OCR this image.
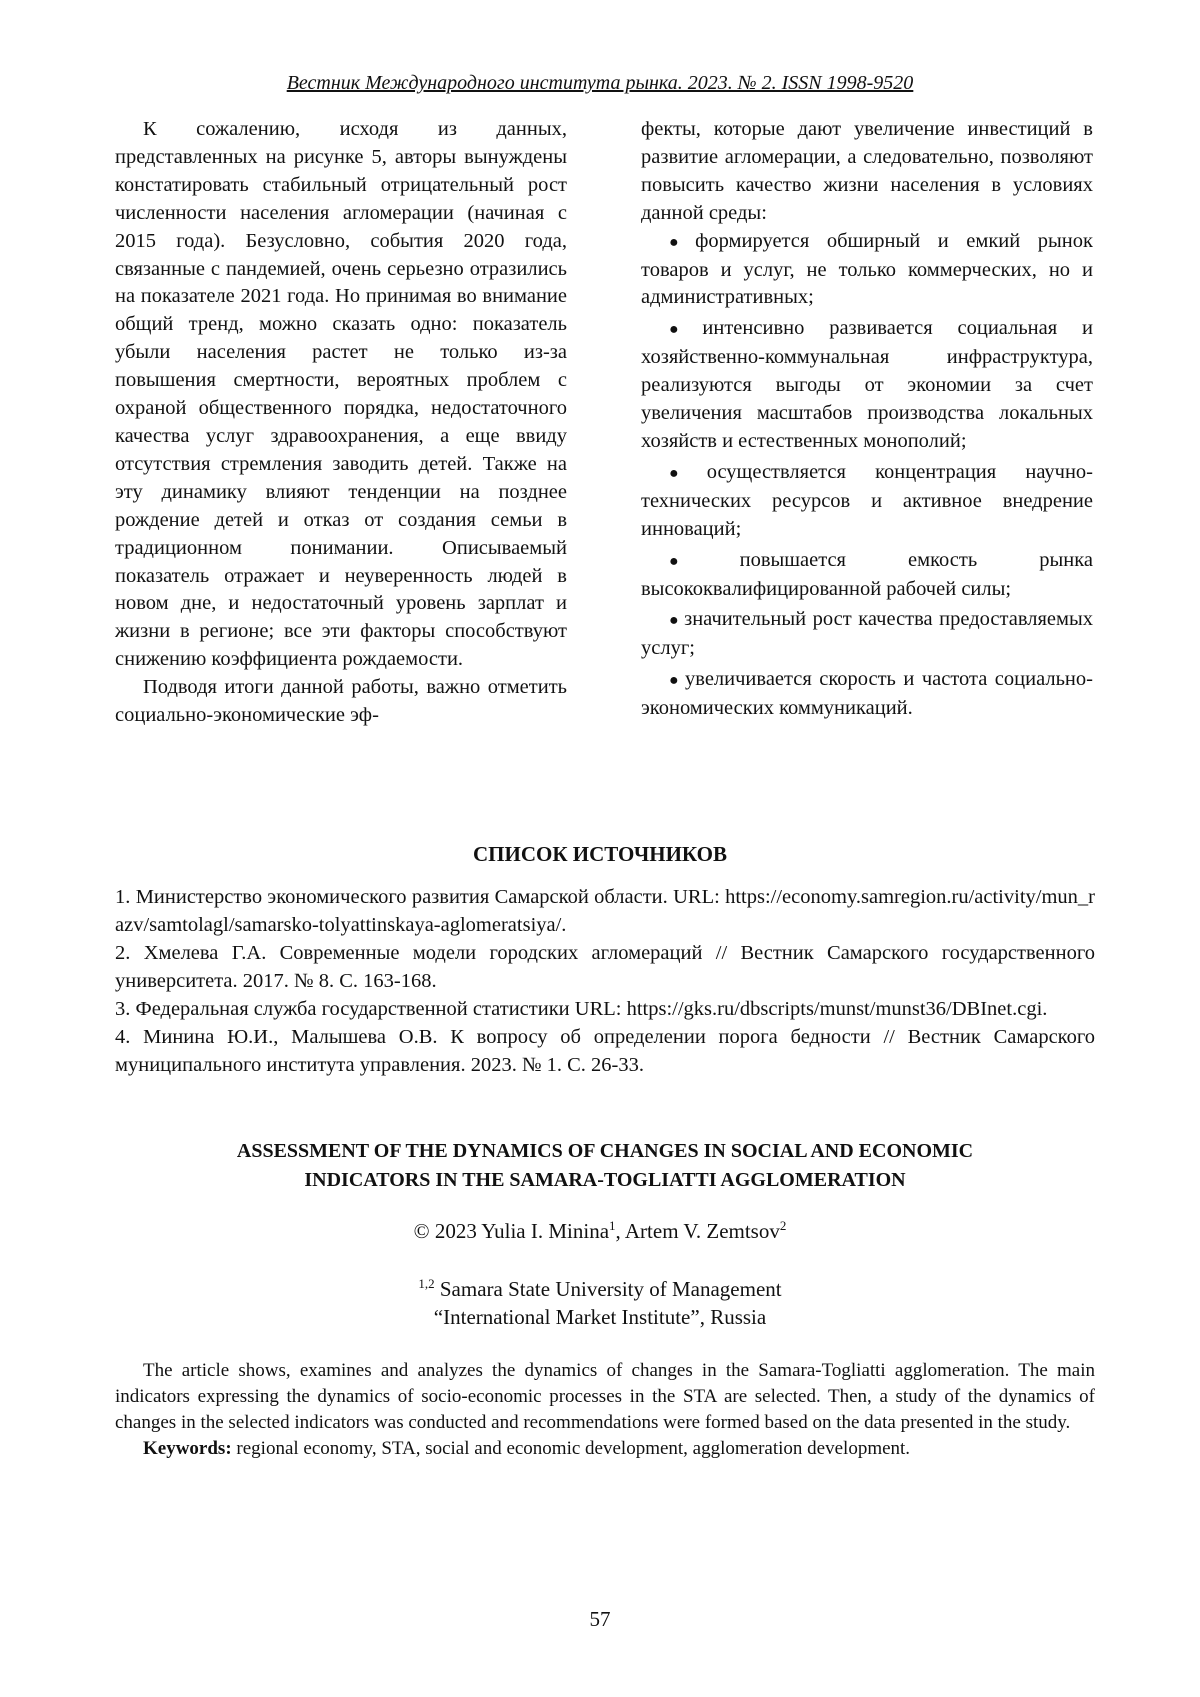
Вестник Международного института рынка. 2023. № 2. ISSN 1998-9520

К сожалению, исходя из данных, представленных на рисунке 5, авторы вынуждены констатировать стабильный отрицательный рост численности населения агломерации (начиная с 2015 года). Безусловно, события 2020 года, связанные с пандемией, очень серьезно отразились на показателе 2021 года. Но принимая во внимание общий тренд, можно сказать одно: показатель убыли населения растет не только из-за повышения смертности, вероятных проблем с охраной общественного порядка, недостаточного качества услуг здравоохранения, а еще ввиду отсутствия стремления заводить детей. Также на эту динамику влияют тенденции на позднее рождение детей и отказ от создания семьи в традиционном понимании. Описываемый показатель отражает и неуверенность людей в новом дне, и недостаточный уровень зарплат и жизни в регионе; все эти факторы способствуют снижению коэффициента рождаемости.

Подводя итоги данной работы, важно отметить социально-экономические эф-

фекты, которые дают увеличение инвестиций в развитие агломерации, а следовательно, позволяют повысить качество жизни населения в условиях данной среды:

● формируется обширный и емкий рынок товаров и услуг, не только коммерческих, но и административных;
● интенсивно развивается социальная и хозяйственно-коммунальная инфраструктура, реализуются выгоды от экономии за счет увеличения масштабов производства локальных хозяйств и естественных монополий;
● осуществляется концентрация научно-технических ресурсов и активное внедрение инноваций;
● повышается емкость рынка высококвалифицированной рабочей силы;
● значительный рост качества предоставляемых услуг;
● увеличивается скорость и частота социально-экономических коммуникаций.
СПИСОК ИСТОЧНИКОВ
1. Министерство экономического развития Самарской области. URL: https://economy.samregion.ru/activity/mun_razv/samtolagl/samarsko-tolyattinskaya-aglomeratsiya/.
2. Хмелева Г.А. Современные модели городских агломераций // Вестник Самарского государственного университета. 2017. № 8. С. 163-168.
3. Федеральная служба государственной статистики URL: https://gks.ru/dbscripts/munst/munst36/DBInet.cgi.
4. Минина Ю.И., Малышева О.В. К вопросу об определении порога бедности // Вестник Самарского муниципального института управления. 2023. № 1. С. 26-33.
ASSESSMENT OF THE DYNAMICS OF CHANGES IN SOCIAL AND ECONOMIC
INDICATORS IN THE SAMARA-TOGLIATTI AGGLOMERATION
© 2023 Yulia I. Minina$^1$, Artem V. Zemtsov$^2$
$^{1,2}$ Samara State University of Management
“International Market Institute”, Russia

The article shows, examines and analyzes the dynamics of changes in the Samara-Togliatti agglomeration. The main indicators expressing the dynamics of socio-economic processes in the STA are selected. Then, a study of the dynamics of changes in the selected indicators was conducted and recommendations were formed based on the data presented in the study.

Keywords: regional economy, STA, social and economic development, agglomeration development.

57
